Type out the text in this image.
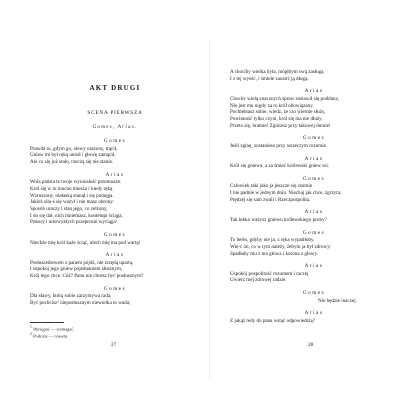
AKT DRUGI
SCENA PIERWSZA
Gomes, Arias.
Gomes
Prawda to, gdym go, słowy urażony, trącił,
Gniew mi był ręką unisił i głowę zamącił,
Ale co się już stało, rzeczą się nie stanie.
Arias
Wola państa te twoje wyniosłość przemnaże.
Król się w to mocno miesza i kiedy ręką
Wzruszony, niełaską stanął i się pomęga.
Jakież siła-ś się ważył i nie masz obrony:
Sposób uraczy i stan jego, co zelżony,
I do się dał, nich mniemasz, kontempt ściąga,
Pokory i niezwykłych przeprosin wyciąga¹.
Gomes
Niechże mię król każe ściąć, niech mię ma pod wartą!
Arias
Posłuszeństwem z panem pójdź, nie zrzędą upartą.
I uspokój jego gniew pojednaniem słusznym,
Król tego chce. Cóż? Panu nie chcesz być posłusznym?
Gomes
Dla sławy, którą sobie zarzymywa rada,
Być pochcisz² nieposłusznym niewielka to wada;
$^1$ Wyciągać — wymagać.
$^2$ Podczas — czasem.
27
A chociby wielka była, mógłbym swą zasługą
I z tej wyeść, i śmiele zaostrć ją długą.
Arias
Chocby wielą znacznych spraw sostawił się poddany,
Nie jest mu nigdy za to król obowiązany.
Pochlebiasz sobie, wiedz, że rzo wiernie służy,
Powinność tylko czyni, król się ma nie dłuży.
Przeto się, bratnie! Zginiesz przy takowej dumie!
Gomes
Jeśli zginę, zostanieso przy wszeczym rozumie.
Arias
Król się gniewa, a za śmieć królewski gniew ssi.
Gomes
Człowiek taki jako ja jeszcze się zostnie
I nie padnie w jednym dniu. Niechaj jak chce, zgrzyta;
Prędzej się sam zwali i Rzeczpospolita.
Arias
Tak lekko ważysz gniewu królewskiego pruby?
Gomes
To berło, gdyby nie ja, z ręka wypadłoby.
Wie-ć on, co w tym należy, żebym ja był zdrowy:
Spadłaby mu z ma głowa i korona z głowy.
Arias
Uspokój pospolitość rozumem i raczej
Uwierz mej zdrowej radzie.
Gomes
Nie będzie inaczej.
Arias
Z jakąż tedy do pana wstąć odpowiedzią?
28
